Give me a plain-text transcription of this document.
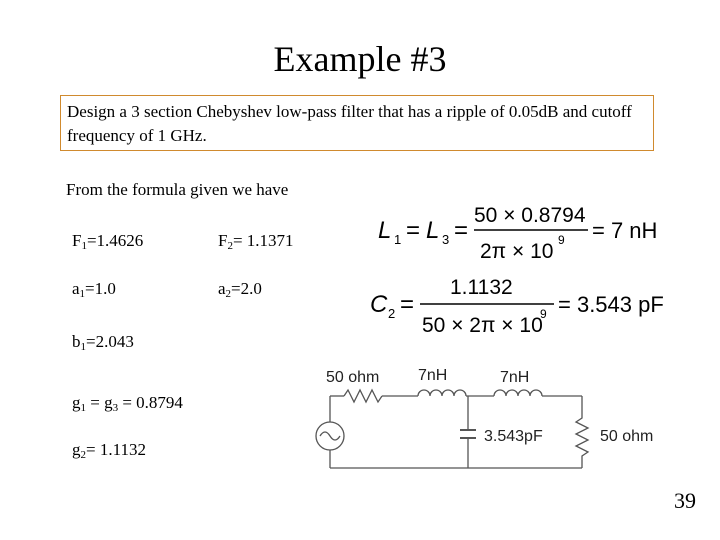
Example #3
Design a 3 section Chebyshev low-pass filter that has a ripple of 0.05dB and cutoff frequency of 1 GHz.
From the formula given we have
$F_1=1.4626$	$F_2= 1.1371$
$a_1=1.0$	$a_2=2.0$
$b_1=2.043$
$g_1 = g_3 = 0.8794$
$g_2= 1.1132$
L 1 = L 3 =
50 × 0.8794
2π × 10 9 = 7 nH
C 2 =
1.1132
50 × 2π × 10
9 = 3.543 pF
50 ohm 7nH	7nH
3.543pF	50 ohm
39
